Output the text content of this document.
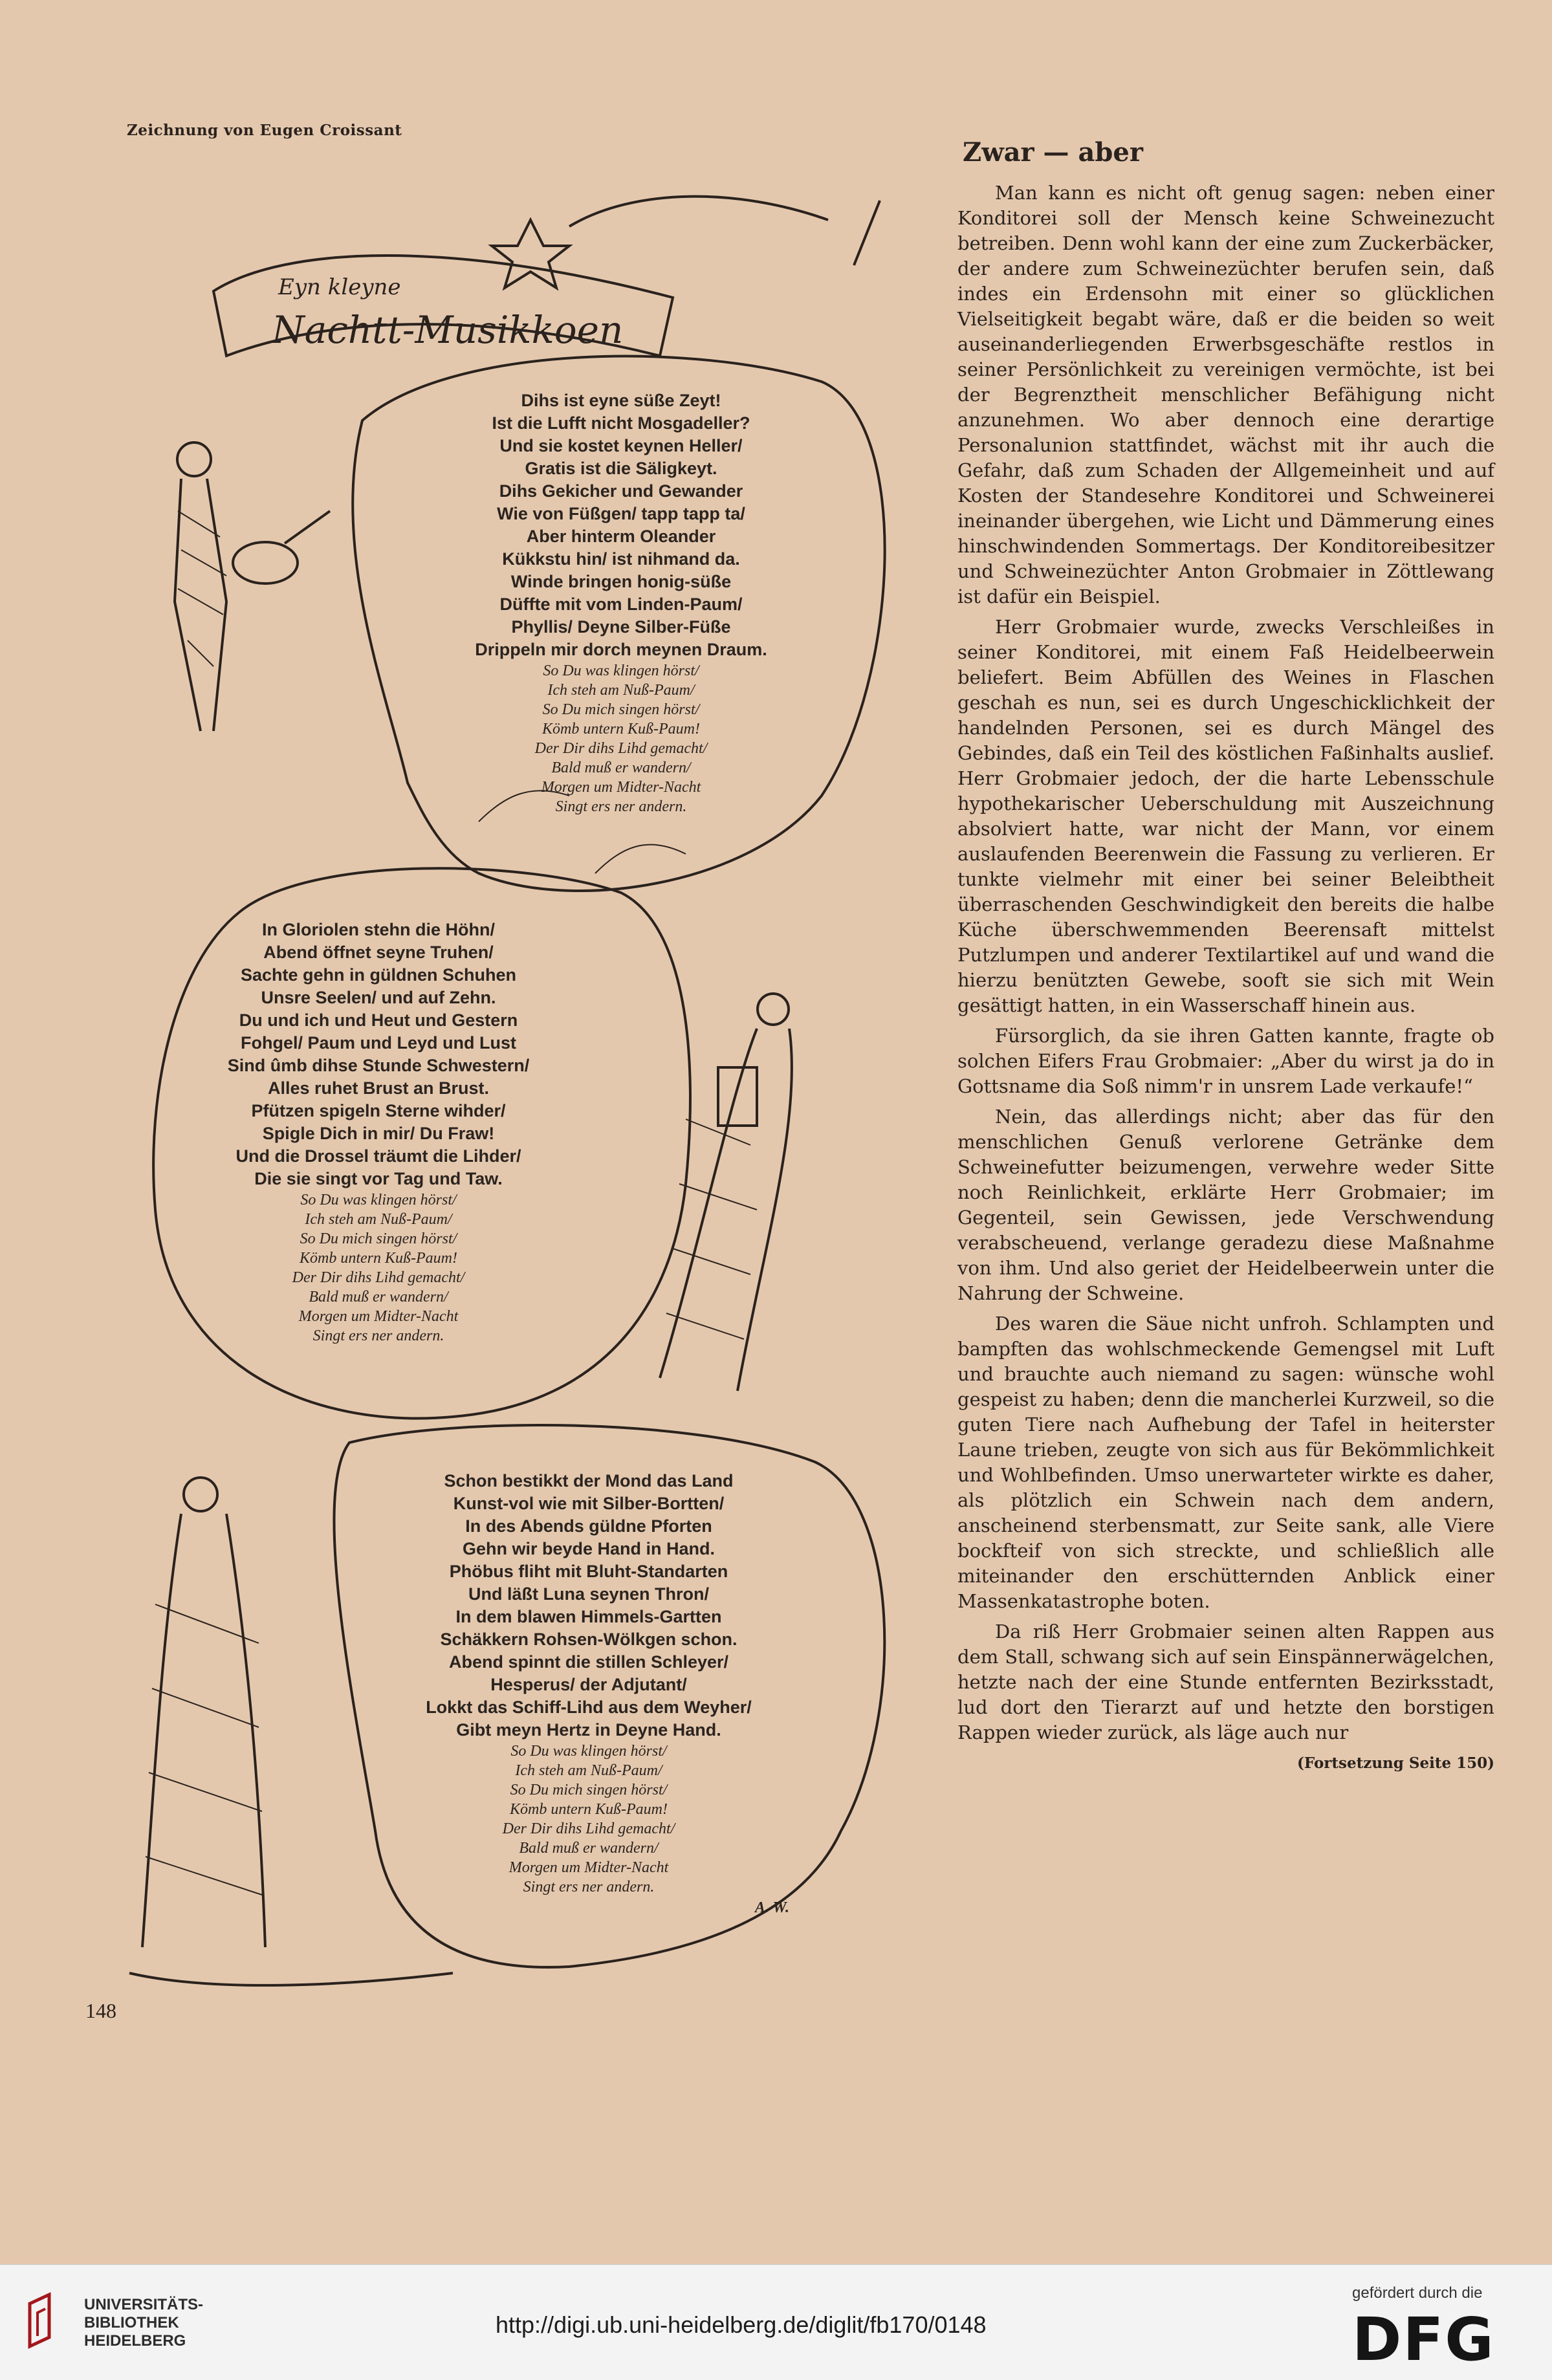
Zeichnung von Eugen Croissant
Eyn kleyne
Nachtt-Musikkoen
Dihs ist eyne süße Zeyt!
Ist die Lufft nicht Mosgadeller?
Und sie kostet keynen Heller/
Gratis ist die Säligkeyt.
Dihs Gekicher und Gewander
Wie von Füßgen/ tapp tapp ta/
Aber hinterm Oleander
Kükkstu hin/ ist nihmand da.
Winde bringen honig-süße
Düffte mit vom Linden-Paum/
Phyllis/ Deyne Silber-Füße
Drippeln mir dorch meynen Draum.
So Du was klingen hörst/
Ich steh am Nuß-Paum/
So Du mich singen hörst/
Kömb untern Kuß-Paum!
Der Dir dihs Lihd gemacht/
Bald muß er wandern/
Morgen um Midter-Nacht
Singt ers ner andern.
In Gloriolen stehn die Höhn/
Abend öffnet seyne Truhen/
Sachte gehn in güldnen Schuhen
Unsre Seelen/ und auf Zehn.
Du und ich und Heut und Gestern
Fohgel/ Paum und Leyd und Lust
Sind ûmb dihse Stunde Schwestern/
Alles ruhet Brust an Brust.
Pfützen spigeln Sterne wihder/
Spigle Dich in mir/ Du Fraw!
Und die Drossel träumt die Lihder/
Die sie singt vor Tag und Taw.
So Du was klingen hörst/
Ich steh am Nuß-Paum/
So Du mich singen hörst/
Kömb untern Kuß-Paum!
Der Dir dihs Lihd gemacht/
Bald muß er wandern/
Morgen um Midter-Nacht
Singt ers ner andern.
Schon bestikkt der Mond das Land
Kunst-vol wie mit Silber-Bortten/
In des Abends güldne Pforten
Gehn wir beyde Hand in Hand.
Phöbus fliht mit Bluht-Standarten
Und läßt Luna seynen Thron/
In dem blawen Himmels-Gartten
Schäkkern Rohsen-Wölkgen schon.
Abend spinnt die stillen Schleyer/
Hesperus/ der Adjutant/
Lokkt das Schiff-Lihd aus dem Weyher/
Gibt meyn Hertz in Deyne Hand.
So Du was klingen hörst/
Ich steh am Nuß-Paum/
So Du mich singen hörst/
Kömb untern Kuß-Paum!
Der Dir dihs Lihd gemacht/
Bald muß er wandern/
Morgen um Midter-Nacht
Singt ers ner andern.
A. W.
Zwar — aber

Man kann es nicht oft genug sagen: neben einer Konditorei soll der Mensch keine Schweinezucht betreiben. Denn wohl kann der eine zum Zuckerbäcker, der andere zum Schweinezüchter berufen sein, daß indes ein Erdensohn mit einer so glücklichen Vielseitigkeit begabt wäre, daß er die beiden so weit auseinanderliegenden Erwerbsgeschäfte restlos in seiner Persönlichkeit zu vereinigen vermöchte, ist bei der Begrenztheit menschlicher Befähigung nicht anzunehmen. Wo aber dennoch eine derartige Personalunion stattfindet, wächst mit ihr auch die Gefahr, daß zum Schaden der Allgemeinheit und auf Kosten der Standesehre Konditorei und Schweinerei ineinander übergehen, wie Licht und Dämmerung eines hinschwindenden Sommertags. Der Konditoreibesitzer und Schweinezüchter Anton Grobmaier in Zöttlewang ist dafür ein Beispiel.

Herr Grobmaier wurde, zwecks Verschleißes in seiner Konditorei, mit einem Faß Heidelbeerwein beliefert. Beim Abfüllen des Weines in Flaschen geschah es nun, sei es durch Ungeschicklichkeit der handelnden Personen, sei es durch Mängel des Gebindes, daß ein Teil des köstlichen Faßinhalts auslief. Herr Grobmaier jedoch, der die harte Lebensschule hypothekarischer Ueberschuldung mit Auszeichnung absolviert hatte, war nicht der Mann, vor einem auslaufenden Beerenwein die Fassung zu verlieren. Er tunkte vielmehr mit einer bei seiner Beleibtheit überraschenden Geschwindigkeit den bereits die halbe Küche überschwemmenden Beerensaft mittelst Putzlumpen und anderer Textilartikel auf und wand die hierzu benützten Gewebe, sooft sie sich mit Wein gesättigt hatten, in ein Wasserschaff hinein aus.

Fürsorglich, da sie ihren Gatten kannte, fragte ob solchen Eifers Frau Grobmaier: „Aber du wirst ja do in Gottsname dia Soß nimm'r in unsrem Lade verkaufe!“

Nein, das allerdings nicht; aber das für den menschlichen Genuß verlorene Getränke dem Schweinefutter beizumengen, verwehre weder Sitte noch Reinlichkeit, erklärte Herr Grobmaier; im Gegenteil, sein Gewissen, jede Verschwendung verabscheuend, verlange geradezu diese Maßnahme von ihm. Und also geriet der Heidelbeerwein unter die Nahrung der Schweine.

Des waren die Säue nicht unfroh. Schlampten und bampften das wohlschmeckende Gemengsel mit Luft und brauchte auch niemand zu sagen: wünsche wohl gespeist zu haben; denn die mancherlei Kurzweil, so die guten Tiere nach Aufhebung der Tafel in heiterster Laune trieben, zeugte von sich aus für Bekömmlichkeit und Wohlbefinden. Umso unerwarteter wirkte es daher, als plötzlich ein Schwein nach dem andern, anscheinend sterbensmatt, zur Seite sank, alle Viere bockfteif von sich streckte, und schließlich alle miteinander den erschütternden Anblick einer Massenkatastrophe boten.

Da riß Herr Grobmaier seinen alten Rappen aus dem Stall, schwang sich auf sein Einspännerwägelchen, hetzte nach der eine Stunde entfernten Bezirksstadt, lud dort den Tierarzt auf und hetzte den borstigen Rappen wieder zurück, als läge auch nur

(Fortsetzung Seite 150)

148
UNIVERSITÄTS-
BIBLIOTHEK
HEIDELBERG
http://digi.ub.uni-heidelberg.de/diglit/fb170/0148
gefördert durch die
DFG
